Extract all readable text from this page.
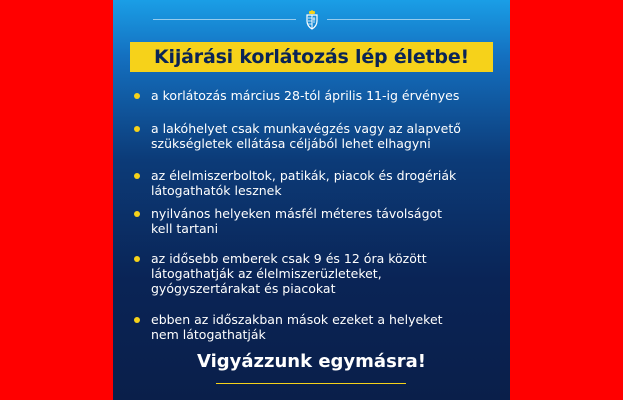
Kijárási korlátozás lép életbe!
a korlátozás március 28-tól április 11-ig érvényes
a lakóhelyet csak munkavégzés vagy az alapvető
szükségletek ellátása céljából lehet elhagyni
az élelmiszerboltok, patikák, piacok és drogériák
látogathatók lesznek
nyilvános helyeken másfél méteres távolságot
kell tartani
az idősebb emberek csak 9 és 12 óra között
látogathatják az élelmiszerüzleteket,
gyógyszertárakat és piacokat
ebben az időszakban mások ezeket a helyeket
nem látogathatják
Vigyázzunk egymásra!
